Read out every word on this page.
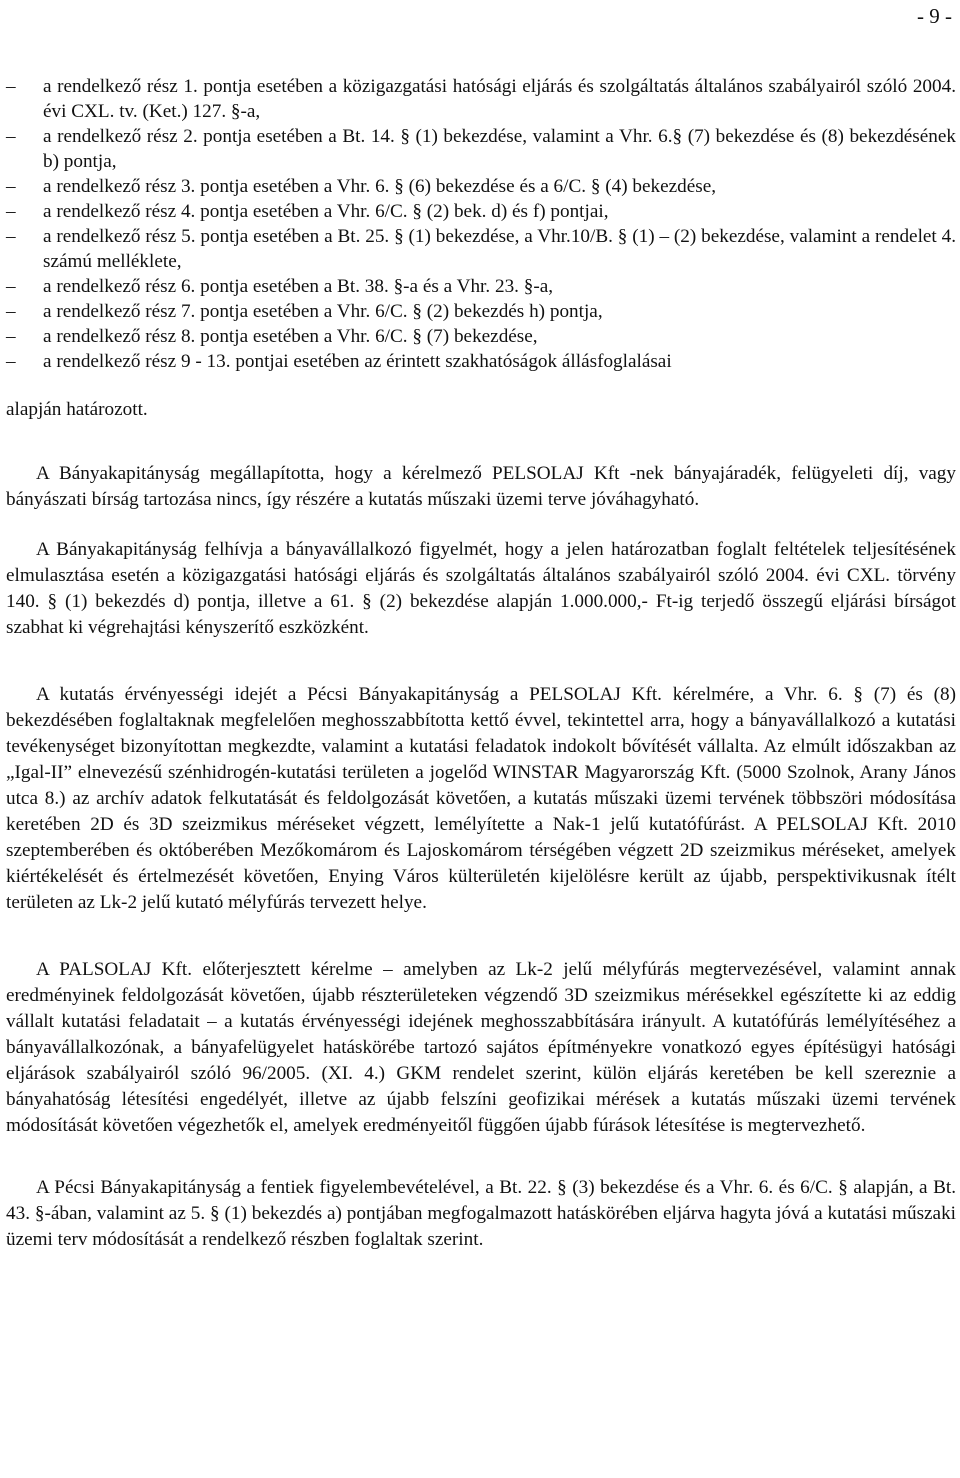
- 9 -
–	a rendelkező rész 1. pontja esetében a közigazgatási hatósági eljárás és szolgáltatás általános szabályairól szóló 2004. évi CXL. tv. (Ket.) 127. §-a,
–	a rendelkező rész 2. pontja esetében a Bt. 14. § (1) bekezdése, valamint a Vhr. 6.§ (7) bekezdése és (8) bekezdésének b) pontja,
–	a rendelkező rész 3. pontja esetében a Vhr. 6. § (6) bekezdése és a 6/C. § (4) bekezdése,
–	a rendelkező rész 4. pontja esetében a Vhr. 6/C. § (2) bek. d) és f) pontjai,
–	a rendelkező rész 5. pontja esetében a Bt. 25. § (1) bekezdése, a Vhr.10/B. § (1) – (2) bekezdése, valamint a rendelet 4. számú melléklete,
–	a rendelkező rész 6. pontja esetében a Bt. 38. §-a és a Vhr. 23. §-a,
–	a rendelkező rész 7. pontja esetében a Vhr. 6/C. § (2) bekezdés h) pontja,
–	a rendelkező rész 8. pontja esetében a Vhr. 6/C. § (7) bekezdése,
–	a rendelkező rész 9 - 13. pontjai esetében az érintett szakhatóságok állásfoglalásai
alapján határozott.

A Bányakapitányság megállapította, hogy a kérelmező PELSOLAJ Kft -nek bányajáradék, felügyeleti díj, vagy bányászati bírság tartozása nincs, így részére a kutatás műszaki üzemi terve jóváhagyható.

A Bányakapitányság felhívja a bányavállalkozó figyelmét, hogy a jelen határozatban foglalt feltételek teljesítésének elmulasztása esetén a közigazgatási hatósági eljárás és szolgáltatás általános szabályairól szóló 2004. évi CXL. törvény 140. § (1) bekezdés d) pontja, illetve a 61. § (2) bekezdése alapján 1.000.000,- Ft-ig terjedő összegű eljárási bírságot szabhat ki végrehajtási kényszerítő eszközként.

A kutatás érvényességi idejét a Pécsi Bányakapitányság a PELSOLAJ Kft. kérelmére, a Vhr. 6. § (7) és (8) bekezdésében foglaltaknak megfelelően meghosszabbította kettő évvel, tekintettel arra, hogy a bányavállalkozó a kutatási tevékenységet bizonyítottan megkezdte, valamint a kutatási feladatok indokolt bővítését vállalta. Az elmúlt időszakban az „Igal-II” elnevezésű szénhidrogén-kutatási területen a jogelőd WINSTAR Magyarország Kft. (5000 Szolnok, Arany János utca 8.) az archív adatok felkutatását és feldolgozását követően, a kutatás műszaki üzemi tervének többszöri módosítása keretében 2D és 3D szeizmikus méréseket végzett, lemélyítette a Nak-1 jelű kutatófúrást. A PELSOLAJ Kft. 2010 szeptemberében és októberében Mezőkomárom és Lajoskomárom térségében végzett 2D szeizmikus méréseket, amelyek kiértékelését és értelmezését követően, Enying Város külterületén kijelölésre került az újabb, perspektivikusnak ítélt területen az Lk-2 jelű kutató mélyfúrás tervezett helye.

A PALSOLAJ Kft. előterjesztett kérelme – amelyben az Lk-2 jelű mélyfúrás megtervezésével, valamint annak eredményinek feldolgozását követően, újabb részterületeken végzendő 3D szeizmikus mérésekkel egészítette ki az eddig vállalt kutatási feladatait – a kutatás érvényességi idejének meghosszabbítására irányult. A kutatófúrás lemélyítéséhez a bányavállalkozónak, a bányafelügyelet hatáskörébe tartozó sajátos építményekre vonatkozó egyes építésügyi hatósági eljárások szabályairól szóló 96/2005. (XI. 4.) GKM rendelet szerint, külön eljárás keretében be kell szereznie a bányahatóság létesítési engedélyét, illetve az újabb felszíni geofizikai mérések a kutatás műszaki üzemi tervének módosítását követően végezhetők el, amelyek eredményeitől függően újabb fúrások létesítése is megtervezhető.

A Pécsi Bányakapitányság a fentiek figyelembevételével, a Bt. 22. § (3) bekezdése és a Vhr. 6. és 6/C. § alapján, a Bt. 43. §-ában, valamint az 5. § (1) bekezdés a) pontjában megfogalmazott hatáskörében eljárva hagyta jóvá a kutatási műszaki üzemi terv módosítását a rendelkező részben foglaltak szerint.
